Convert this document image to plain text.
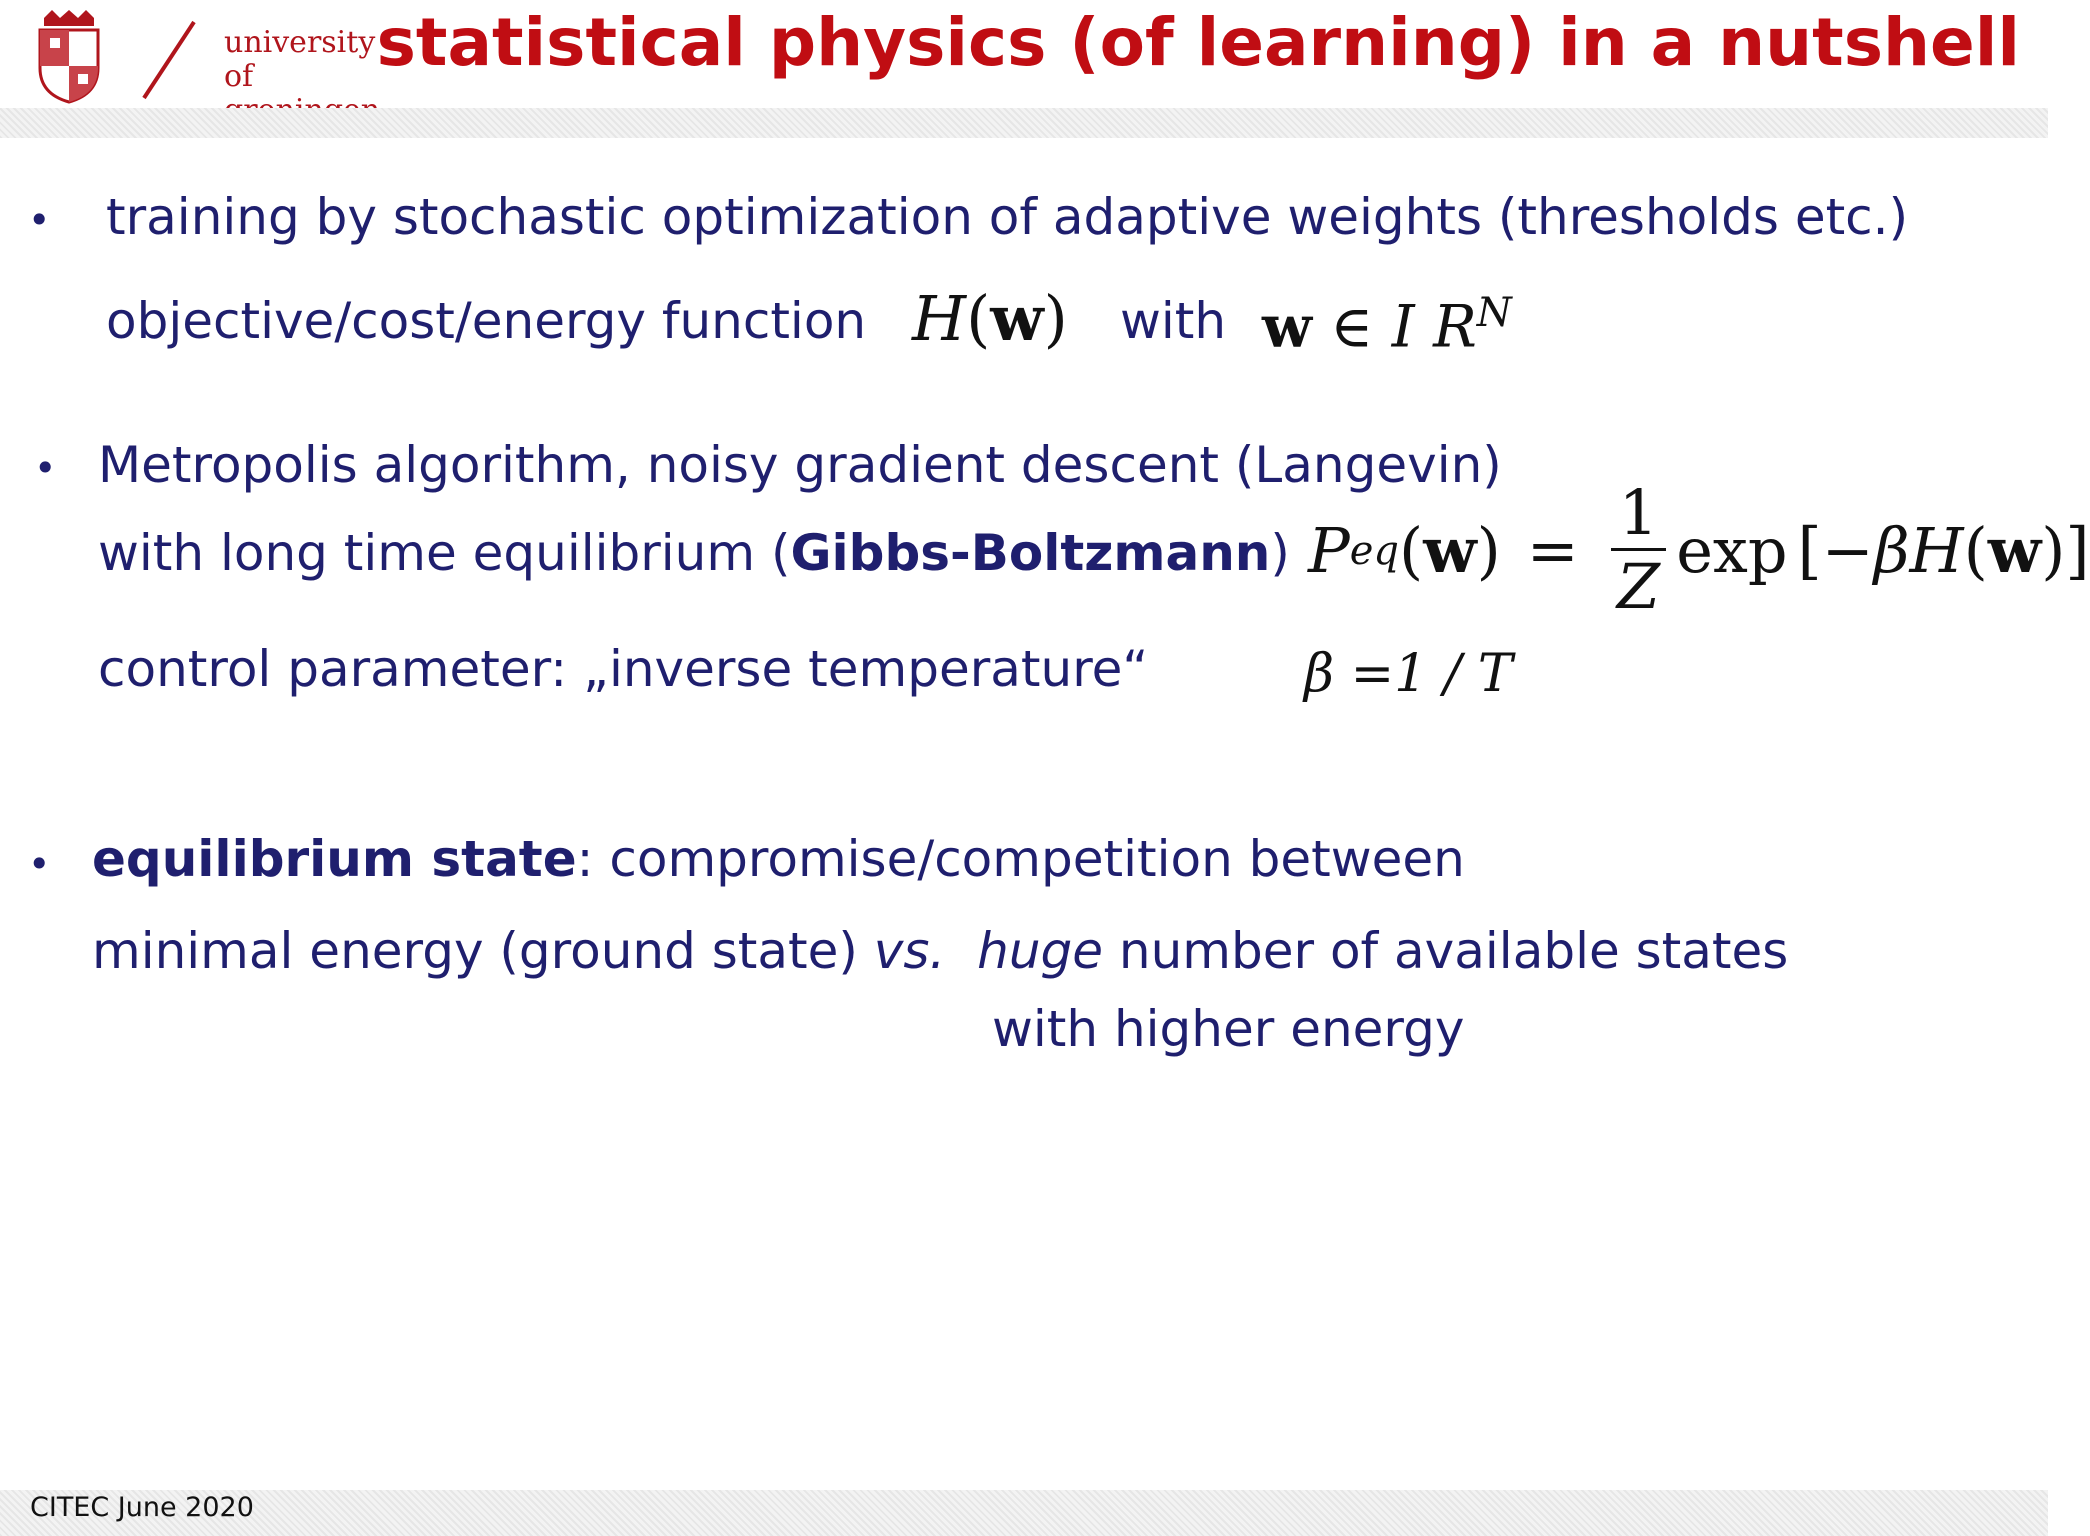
university of	statistical physics (of learning) in a nutshell
• training by stochastic optimization of adaptive weights (thresholds etc.)
objective/cost/energy function H(w) with w ∈ I $R^N$
• Metropolis algorithm, noisy gradient descent (Langevin)
with long time equilibrium (Gibbs-Boltzmann) P eq ( w ) = $\frac{1}{Z}$ exp [ −β H ( w )]
control parameter: „inverse temperature“	β =1 / T
• equilibrium state: compromise/competition between
minimal energy (ground state) vs. huge number of available states
with higher energy
CITEC June 2020
